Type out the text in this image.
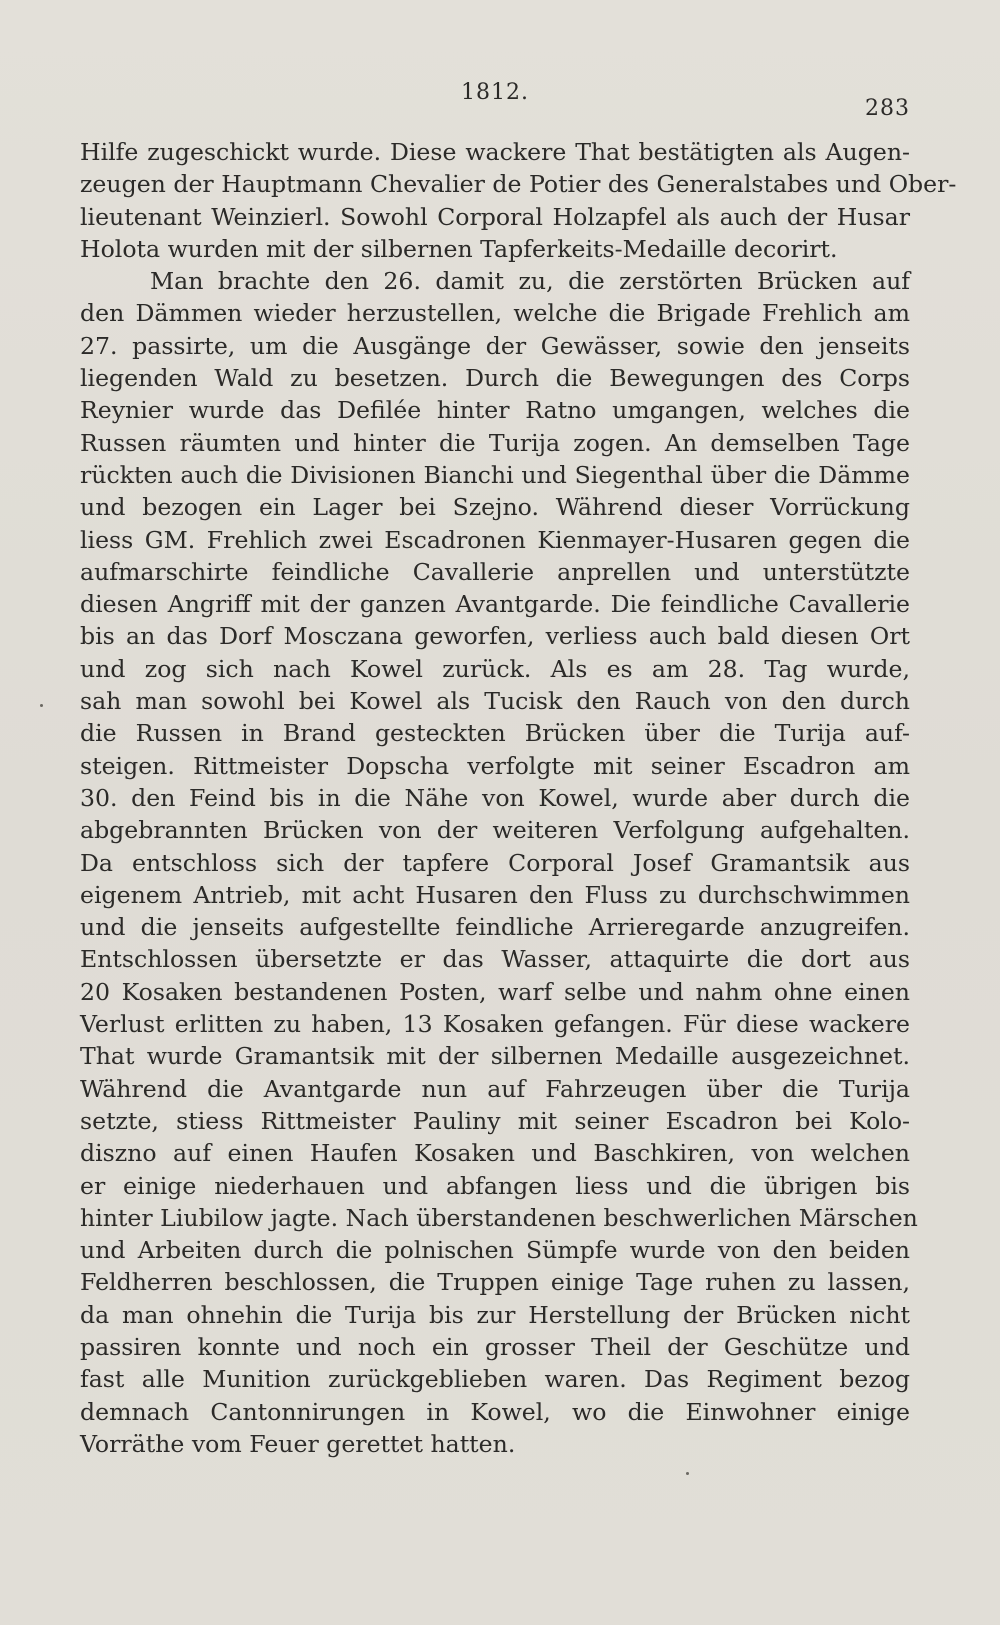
1812.
283
Hilfe zugeschickt wurde. Diese wackere That bestätigten als Augen-
zeugen der Hauptmann Chevalier de Potier des Generalstabes und Ober-
lieutenant Weinzierl. Sowohl Corporal Holzapfel als auch der Husar
Holota wurden mit der silbernen Tapferkeits-Medaille decorirt.
Man brachte den 26. damit zu, die zerstörten Brücken auf
den Dämmen wieder herzustellen, welche die Brigade Frehlich am
27. passirte, um die Ausgänge der Gewässer, sowie den jenseits
liegenden Wald zu besetzen. Durch die Bewegungen des Corps
Reynier wurde das Defilée hinter Ratno umgangen, welches die
Russen räumten und hinter die Turija zogen. An demselben Tage
rückten auch die Divisionen Bianchi und Siegenthal über die Dämme
und bezogen ein Lager bei Szejno. Während dieser Vorrückung
liess GM. Frehlich zwei Escadronen Kienmayer-Husaren gegen die
aufmarschirte feindliche Cavallerie anprellen und unterstützte
diesen Angriff mit der ganzen Avantgarde. Die feindliche Cavallerie
bis an das Dorf Mosczana geworfen, verliess auch bald diesen Ort
und zog sich nach Kowel zurück. Als es am 28. Tag wurde,
sah man sowohl bei Kowel als Tucisk den Rauch von den durch
die Russen in Brand gesteckten Brücken über die Turija auf-
steigen. Rittmeister Dopscha verfolgte mit seiner Escadron am
30. den Feind bis in die Nähe von Kowel, wurde aber durch die
abgebrannten Brücken von der weiteren Verfolgung aufgehalten.
Da entschloss sich der tapfere Corporal Josef Gramantsik aus
eigenem Antrieb, mit acht Husaren den Fluss zu durchschwimmen
und die jenseits aufgestellte feindliche Arrieregarde anzugreifen.
Entschlossen übersetzte er das Wasser, attaquirte die dort aus
20 Kosaken bestandenen Posten, warf selbe und nahm ohne einen
Verlust erlitten zu haben, 13 Kosaken gefangen. Für diese wackere
That wurde Gramantsik mit der silbernen Medaille ausgezeichnet.
Während die Avantgarde nun auf Fahrzeugen über die Turija
setzte, stiess Rittmeister Pauliny mit seiner Escadron bei Kolo-
diszno auf einen Haufen Kosaken und Baschkiren, von welchen
er einige niederhauen und abfangen liess und die übrigen bis
hinter Liubilow jagte. Nach überstandenen beschwerlichen Märschen
und Arbeiten durch die polnischen Sümpfe wurde von den beiden
Feldherren beschlossen, die Truppen einige Tage ruhen zu lassen,
da man ohnehin die Turija bis zur Herstellung der Brücken nicht
passiren konnte und noch ein grosser Theil der Geschütze und
fast alle Munition zurückgeblieben waren. Das Regiment bezog
demnach Cantonnirungen in Kowel, wo die Einwohner einige
Vorräthe vom Feuer gerettet hatten.
